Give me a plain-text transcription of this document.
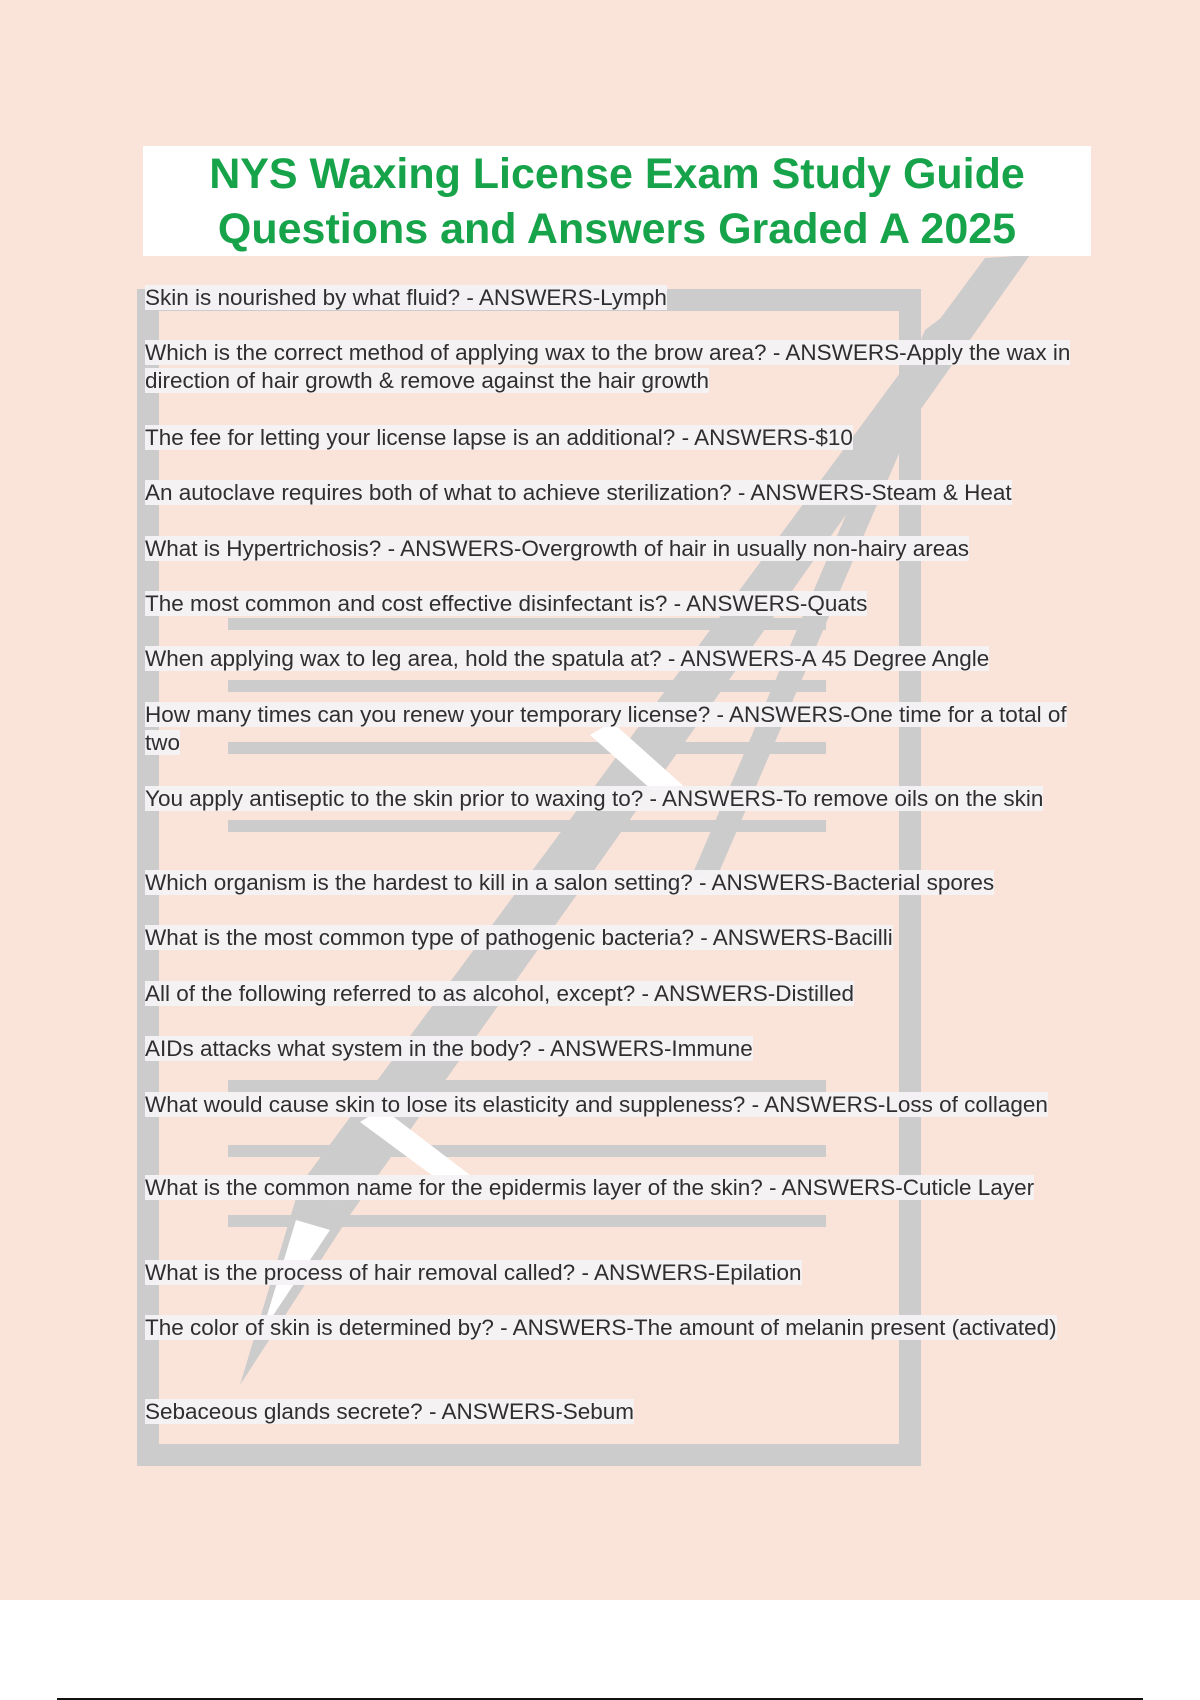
NYS Waxing License Exam Study Guide
Questions and Answers Graded A 2025
Skin is nourished by what fluid? - ANSWERS-Lymph
Which is the correct method of applying wax to the brow area? - ANSWERS-Apply the wax in direction of hair growth & remove against the hair growth
The fee for letting your license lapse is an additional? - ANSWERS-$10
An autoclave requires both of what to achieve sterilization? - ANSWERS-Steam & Heat
What is Hypertrichosis? - ANSWERS-Overgrowth of hair in usually non-hairy areas
The most common and cost effective disinfectant is? - ANSWERS-Quats
When applying wax to leg area, hold the spatula at? - ANSWERS-A 45 Degree Angle
How many times can you renew your temporary license? - ANSWERS-One time for a total of two
You apply antiseptic to the skin prior to waxing to? - ANSWERS-To remove oils on the skin
Which organism is the hardest to kill in a salon setting? - ANSWERS-Bacterial spores
What is the most common type of pathogenic bacteria? - ANSWERS-Bacilli
All of the following referred to as alcohol, except? - ANSWERS-Distilled
AIDs attacks what system in the body? - ANSWERS-Immune
What would cause skin to lose its elasticity and suppleness? - ANSWERS-Loss of collagen
What is the common name for the epidermis layer of the skin? - ANSWERS-Cuticle Layer
What is the process of hair removal called? - ANSWERS-Epilation
The color of skin is determined by? - ANSWERS-The amount of melanin present (activated)
Sebaceous glands secrete? - ANSWERS-Sebum
